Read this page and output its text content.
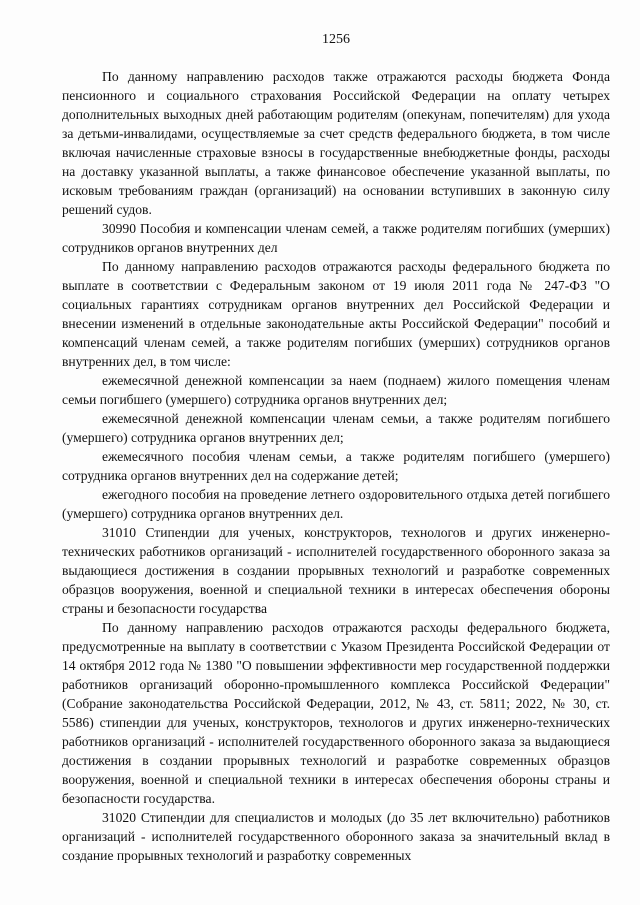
1256

По данному направлению расходов также отражаются расходы бюджета Фонда пенсионного и социального страхования Российской Федерации на оплату четырех дополнительных выходных дней работающим родителям (опекунам, попечителям) для ухода за детьми-инвалидами, осуществляемые за счет средств федерального бюджета, в том числе включая начисленные страховые взносы в государственные внебюджетные фонды, расходы на доставку указанной выплаты, а также финансовое обеспечение указанной выплаты, по исковым требованиям граждан (организаций) на основании вступивших в законную силу решений судов.

30990 Пособия и компенсации членам семей, а также родителям погибших (умерших) сотрудников органов внутренних дел

По данному направлению расходов отражаются расходы федерального бюджета по выплате в соответствии с Федеральным законом от 19 июля 2011 года № 247-ФЗ "О социальных гарантиях сотрудникам органов внутренних дел Российской Федерации и внесении изменений в отдельные законодательные акты Российской Федерации" пособий и компенсаций членам семей, а также родителям погибших (умерших) сотрудников органов внутренних дел, в том числе:

ежемесячной денежной компенсации за наем (поднаем) жилого помещения членам семьи погибшего (умершего) сотрудника органов внутренних дел;

ежемесячной денежной компенсации членам семьи, а также родителям погибшего (умершего) сотрудника органов внутренних дел;

ежемесячного пособия членам семьи, а также родителям погибшего (умершего) сотрудника органов внутренних дел на содержание детей;

ежегодного пособия на проведение летнего оздоровительного отдыха детей погибшего (умершего) сотрудника органов внутренних дел.

31010 Стипендии для ученых, конструкторов, технологов и других инженерно-технических работников организаций - исполнителей государственного оборонного заказа за выдающиеся достижения в создании прорывных технологий и разработке современных образцов вооружения, военной и специальной техники в интересах обеспечения обороны страны и безопасности государства

По данному направлению расходов отражаются расходы федерального бюджета, предусмотренные на выплату в соответствии с Указом Президента Российской Федерации от 14 октября 2012 года № 1380 "О повышении эффективности мер государственной поддержки работников организаций оборонно-промышленного комплекса Российской Федерации" (Собрание законодательства Российской Федерации, 2012, № 43, ст. 5811; 2022, № 30, ст. 5586) стипендии для ученых, конструкторов, технологов и других инженерно-технических работников организаций - исполнителей государственного оборонного заказа за выдающиеся достижения в создании прорывных технологий и разработке современных образцов вооружения, военной и специальной техники в интересах обеспечения обороны страны и безопасности государства.

31020 Стипендии для специалистов и молодых (до 35 лет включительно) работников организаций - исполнителей государственного оборонного заказа за значительный вклад в создание прорывных технологий и разработку современных
